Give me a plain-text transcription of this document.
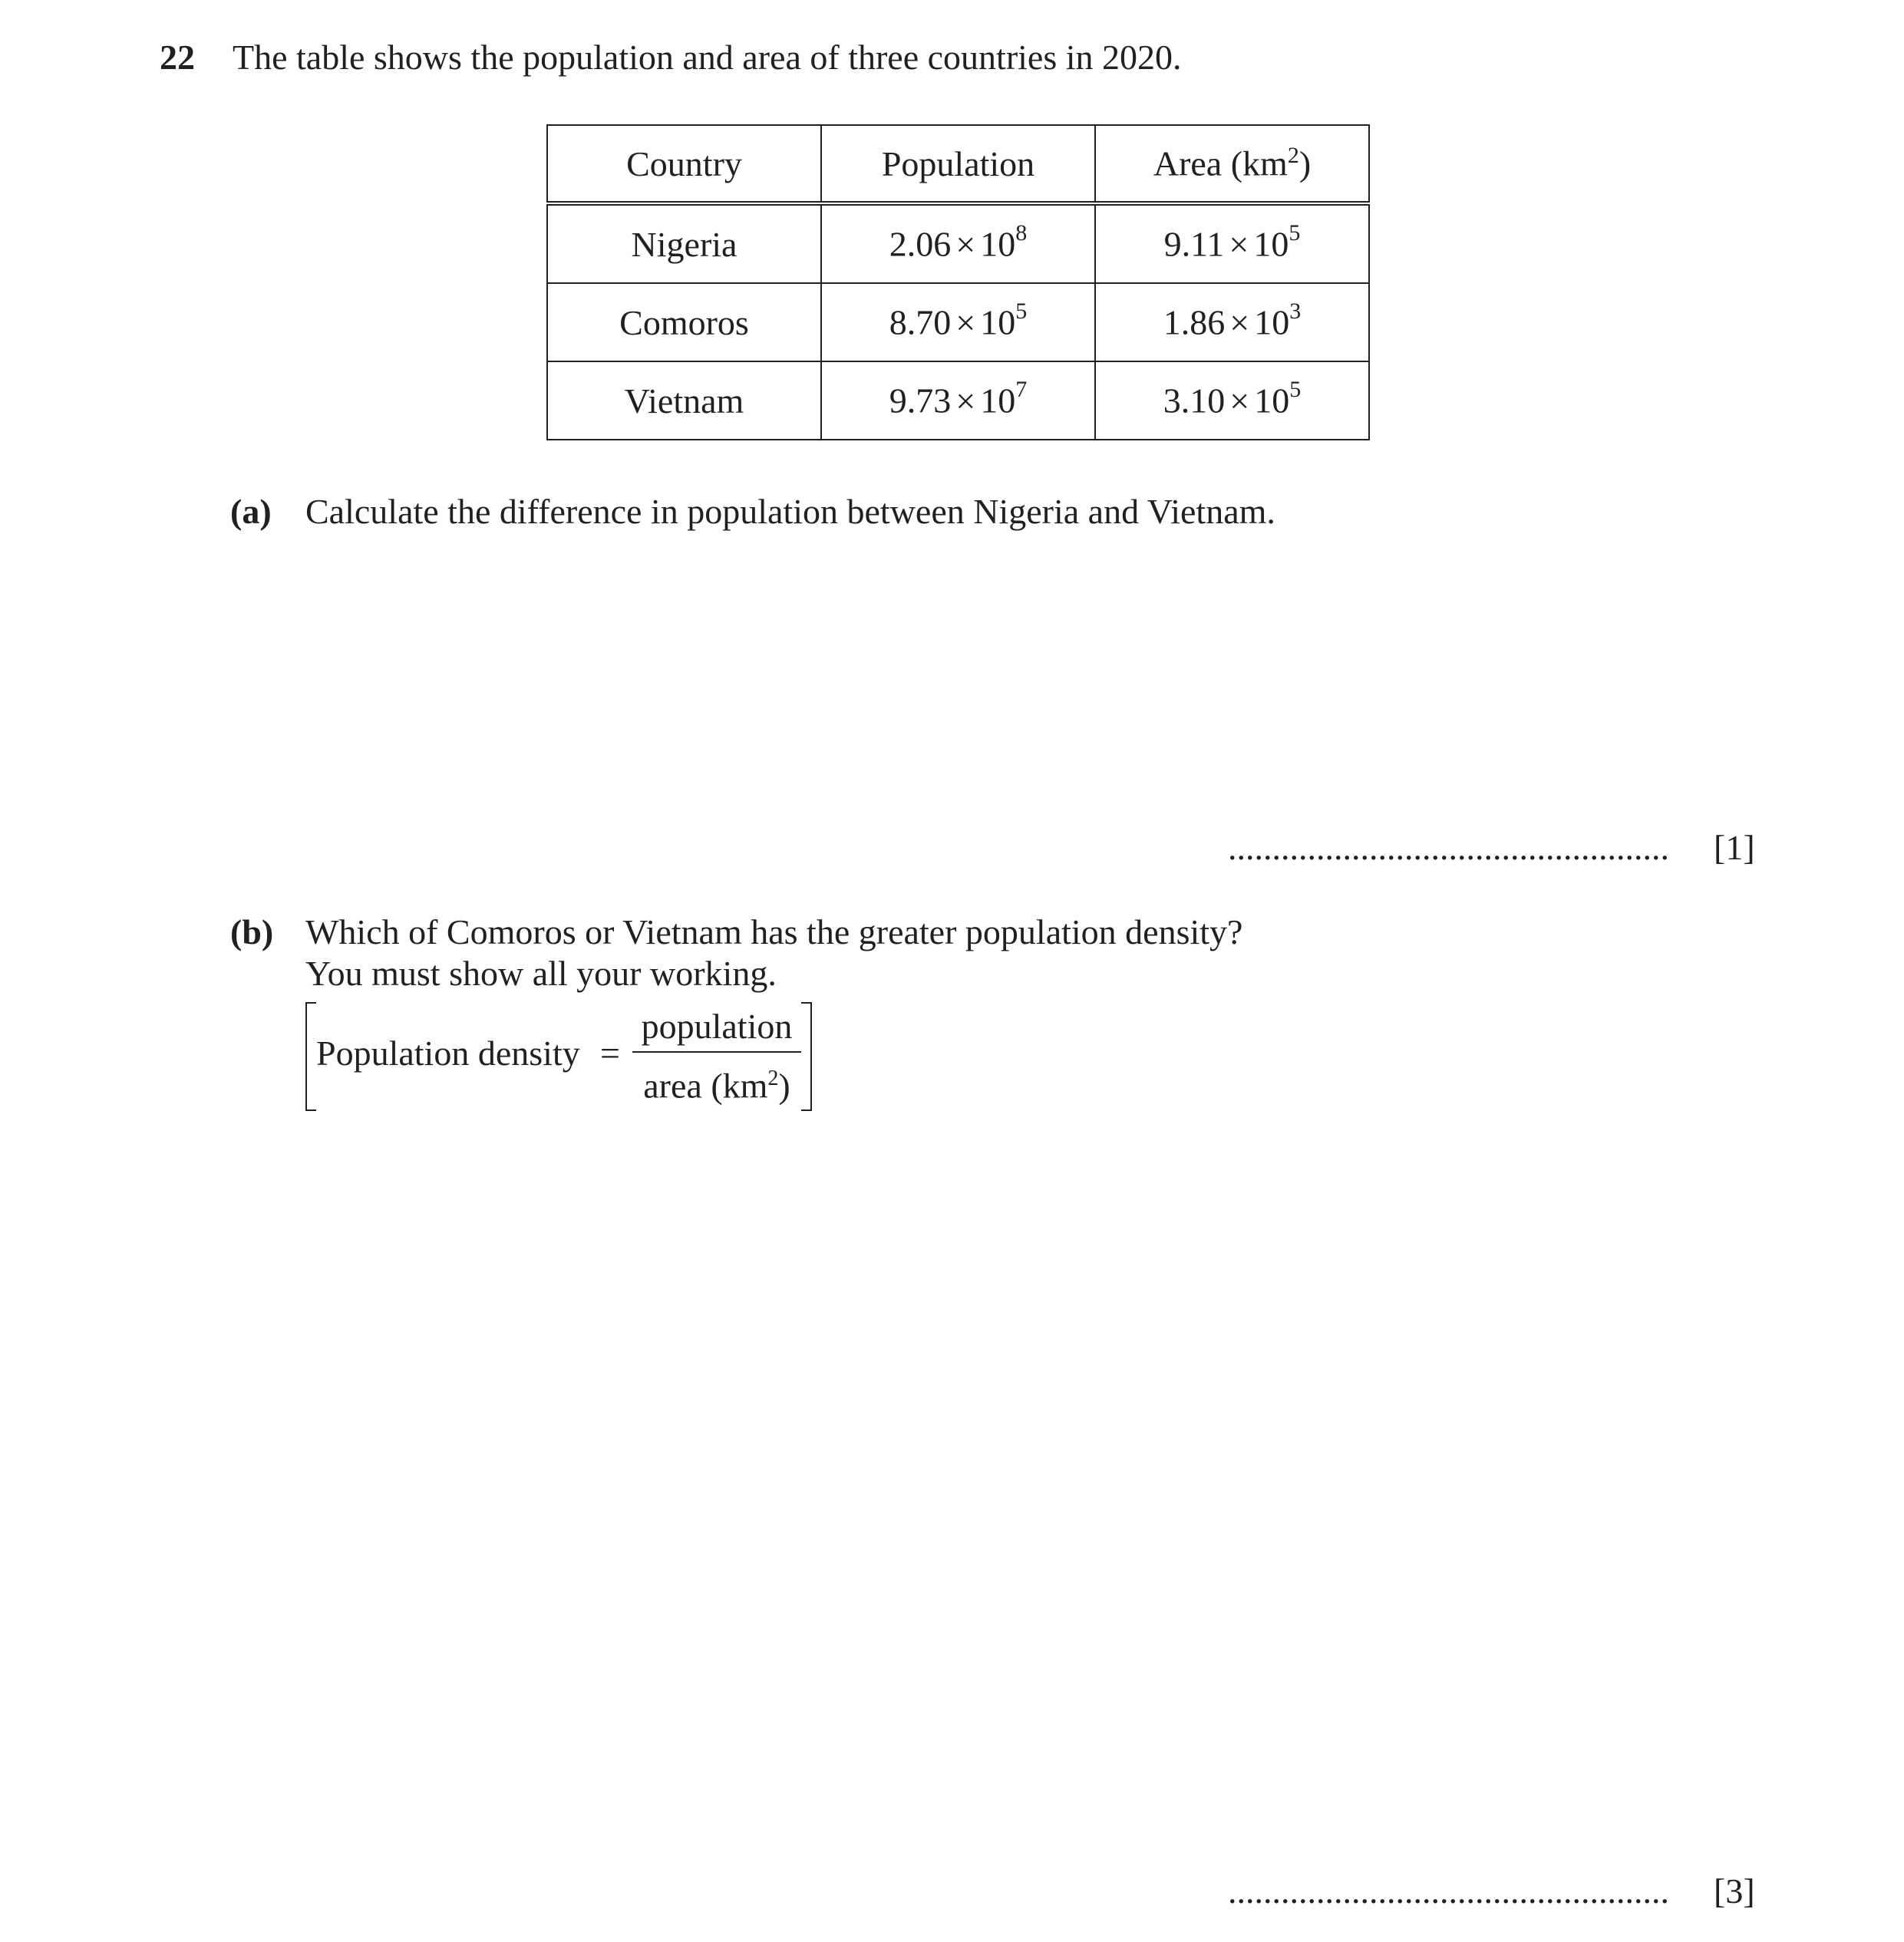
22 The table shows the population and area of three countries in 2020.
Country	Population	Area $(km^2)$
Nigeria	$2.06 \times 10^8$	$9.11 \times 10^5$
Comoros	$8.70 \times 10^5$	$1.86 \times 10^3$
Vietnam	$9.73 \times 10^7$	$3.10 \times 10^5$
(a) Calculate the difference in population between Nigeria and Vietnam.
.................................................. [1]
(b) Which of Comoros or Vietnam has the greater population density?
You must show all your working.
Population density =
population
area $(km^2)$
.................................................. [3]
